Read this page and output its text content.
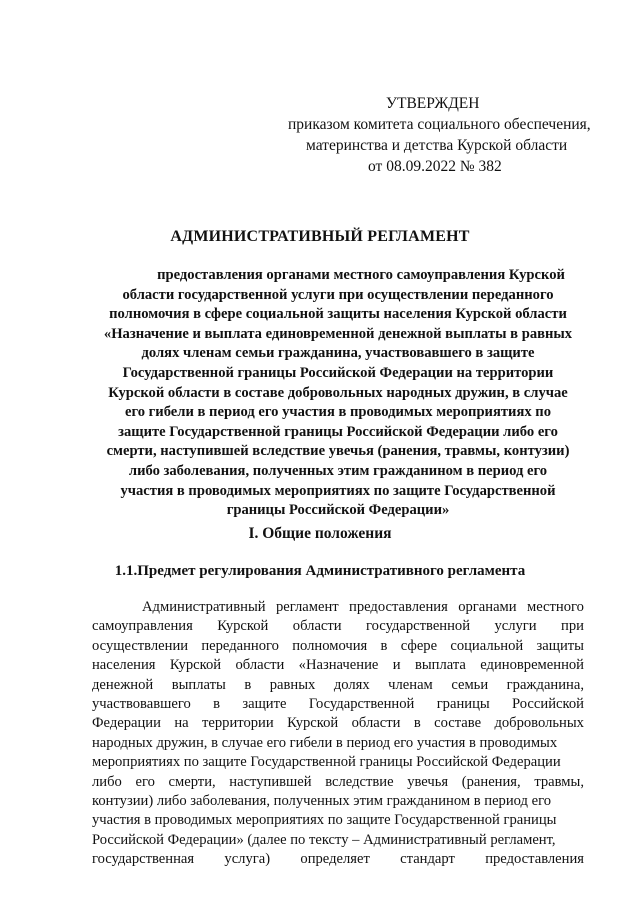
УТВЕРЖДЕН
приказом комитета социального обеспечения,
материнства и детства Курской области
от 08.09.2022 № 382
АДМИНИСТРАТИВНЫЙ РЕГЛАМЕНТ
предоставления органами местного самоуправления Курской
области государственной услуги при осуществлении переданного
полномочия в сфере социальной защиты населения Курской области
«Назначение и выплата единовременной денежной выплаты в равных
долях членам семьи гражданина, участвовавшего в защите
Государственной границы Российской Федерации на территории
Курской области в составе добровольных народных дружин, в случае
его гибели в период его участия в проводимых мероприятиях по
защите Государственной границы Российской Федерации либо его
смерти, наступившей вследствие увечья (ранения, травмы, контузии)
либо заболевания, полученных этим гражданином в период его
участия в проводимых мероприятиях по защите Государственной
границы Российской Федерации»
I. Общие положения
1.1.Предмет регулирования Административного регламента
Административный регламент предоставления органами местного
самоуправления Курской области государственной услуги при
осуществлении переданного полномочия в сфере социальной защиты
населения Курской области «Назначение и выплата единовременной
денежной выплаты в равных долях членам семьи гражданина,
участвовавшего в защите Государственной границы Российской
Федерации на территории Курской области в составе добровольных
народных дружин, в случае его гибели в период его участия в проводимых
мероприятиях по защите Государственной границы Российской Федерации
либо его смерти, наступившей вследствие увечья (ранения, травмы,
контузии) либо заболевания, полученных этим гражданином в период его
участия в проводимых мероприятиях по защите Государственной границы
Российской Федерации» (далее по тексту – Административный регламент,
государственная услуга) определяет стандарт предоставления
